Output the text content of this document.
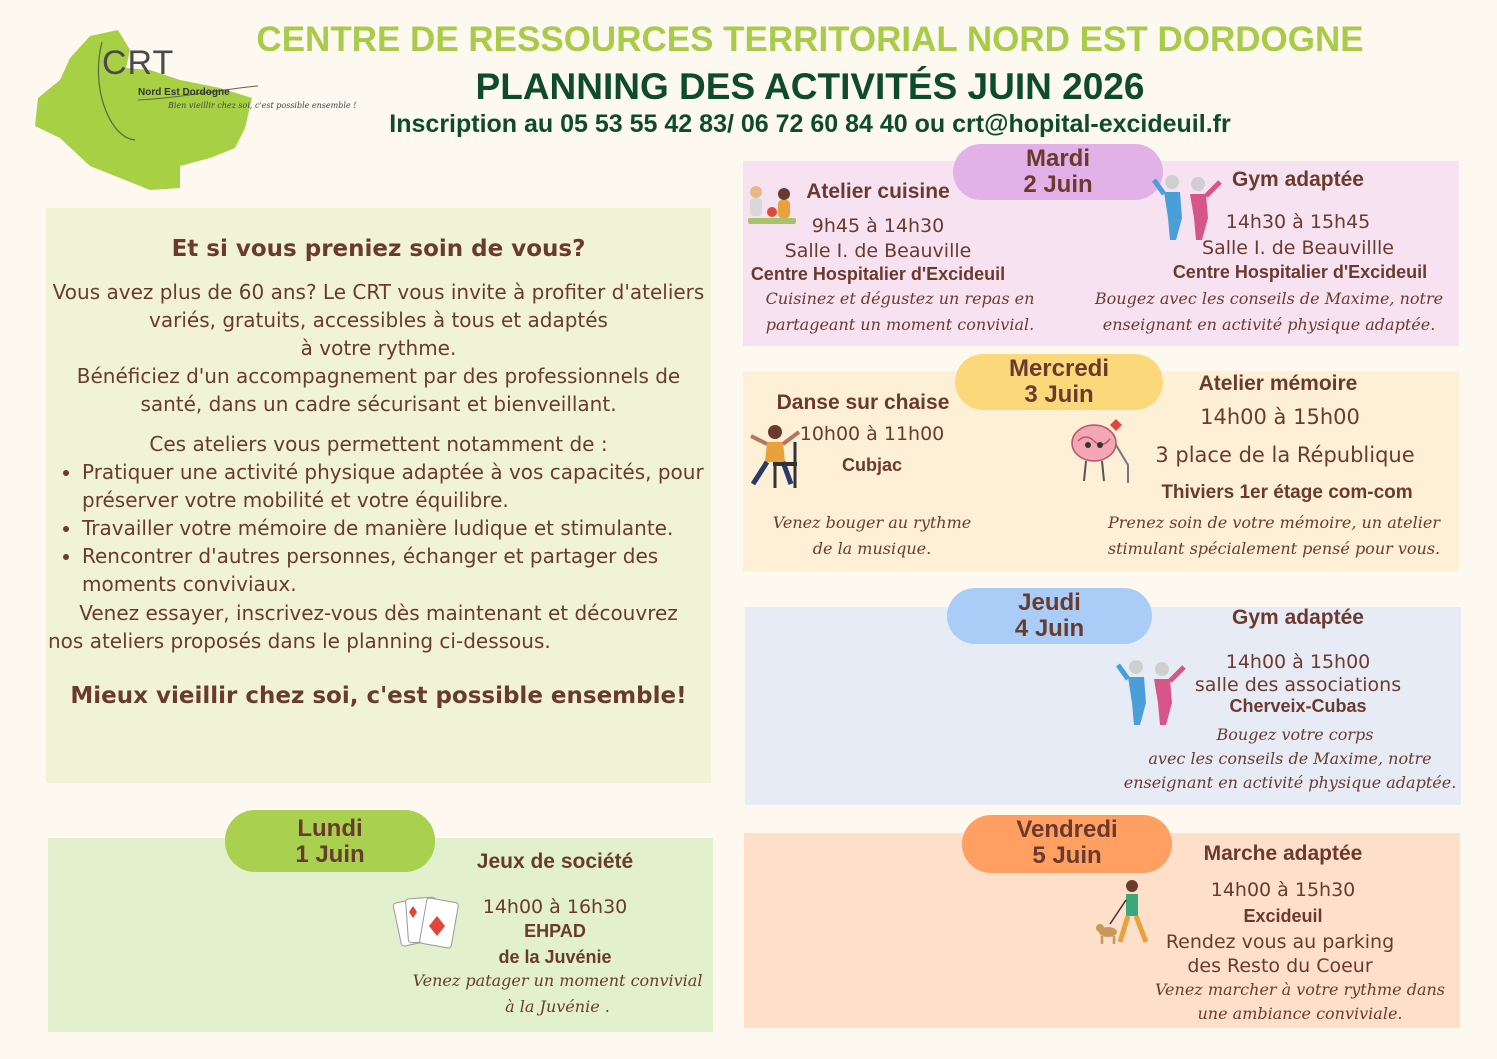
CRT
Nord Est Dordogne
Bien vieillir chez soi, c'est possible ensemble !
CENTRE DE RESSOURCES TERRITORIAL NORD EST DORDOGNE
PLANNING DES ACTIVITÉS JUIN 2026
Inscription au 05 53 55 42 83/ 06 72 60 84 40 ou crt@hopital-excideuil.fr
Et si vous preniez soin de vous?
Vous avez plus de 60 ans? Le CRT vous invite à profiter d'ateliers
variés, gratuits, accessibles à tous et adaptés
à votre rythme.
Bénéficiez d'un accompagnement par des professionnels de
santé, dans un cadre sécurisant et bienveillant.
Ces ateliers vous permettent notamment de :
• Pratiquer une activité physique adaptée à vos capacités, pour préserver votre mobilité et votre équilibre.
• Travailler votre mémoire de manière ludique et stimulante.
• Rencontrer d'autres personnes, échanger et partager des moments conviviaux.
Venez essayer, inscrivez-vous dès maintenant et découvrez
nos ateliers proposés dans le planning ci-dessous.
Mieux vieillir chez soi, c'est possible ensemble!
Lundi
1 Juin	Jeux de société
14h00 à 16h30
EHPAD
de la Juvénie
Venez patager un moment convivial
à la Juvénie .
Mardi
2 Juin
Atelier cuisine
9h45 à 14h30
Salle I. de Beauville
Centre Hospitalier d'Excideuil
Cuisinez et dégustez un repas en
partageant un moment convivial.
Gym adaptée
14h30 à 15h45
Salle I. de Beauvillle
Centre Hospitalier d'Excideuil
Bougez avec les conseils de Maxime, notre
enseignant en activité physique adaptée.
Mercredi
3 Juin
Danse sur chaise
10h00 à 11h00
Cubjac
Venez bouger au rythme
de la musique.
Atelier mémoire
14h00 à 15h00
3 place de la République
Thiviers 1er étage com-com
Prenez soin de votre mémoire, un atelier
stimulant spécialement pensé pour vous.
Jeudi
4 Juin	Gym adaptée
14h00 à 15h00
salle des associations
Cherveix-Cubas
Bougez votre corps
avec les conseils de Maxime, notre
enseignant en activité physique adaptée.
Vendredi
5 Juin	Marche adaptée
14h00 à 15h30
Excideuil
Rendez vous au parking
des Resto du Coeur
Venez marcher à votre rythme dans
une ambiance conviviale.
